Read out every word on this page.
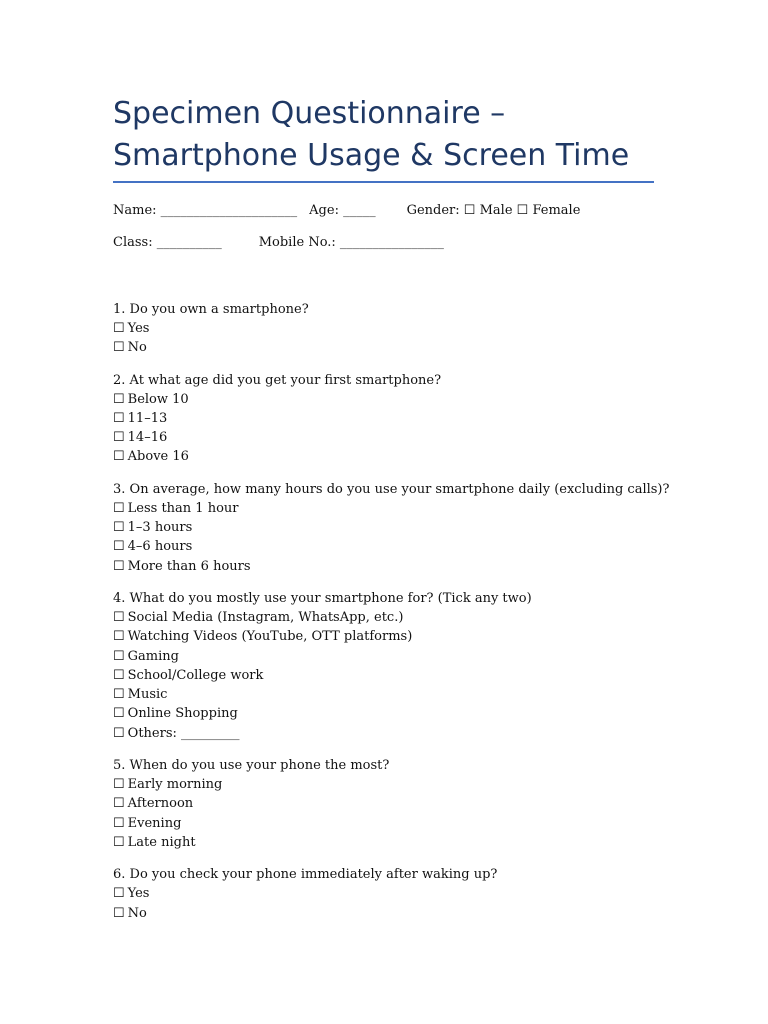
Specimen Questionnaire – Smartphone Usage & Screen Time
Name: _____________________ Age: _____ Gender: ☐ Male ☐ Female
Class: __________	Mobile No.: ________________
1. Do you own a smartphone?
☐ Yes
☐ No
2. At what age did you get your first smartphone?
☐ Below 10
☐ 11–13
☐ 14–16
☐ Above 16
3. On average, how many hours do you use your smartphone daily (excluding calls)?
☐ Less than 1 hour
☐ 1–3 hours
☐ 4–6 hours
☐ More than 6 hours
4. What do you mostly use your smartphone for? (Tick any two)
☐ Social Media (Instagram, WhatsApp, etc.)
☐ Watching Videos (YouTube, OTT platforms)
☐ Gaming
☐ School/College work
☐ Music
☐ Online Shopping
☐ Others: _________
5. When do you use your phone the most?
☐ Early morning
☐ Afternoon
☐ Evening
☐ Late night
6. Do you check your phone immediately after waking up?
☐ Yes
☐ No
